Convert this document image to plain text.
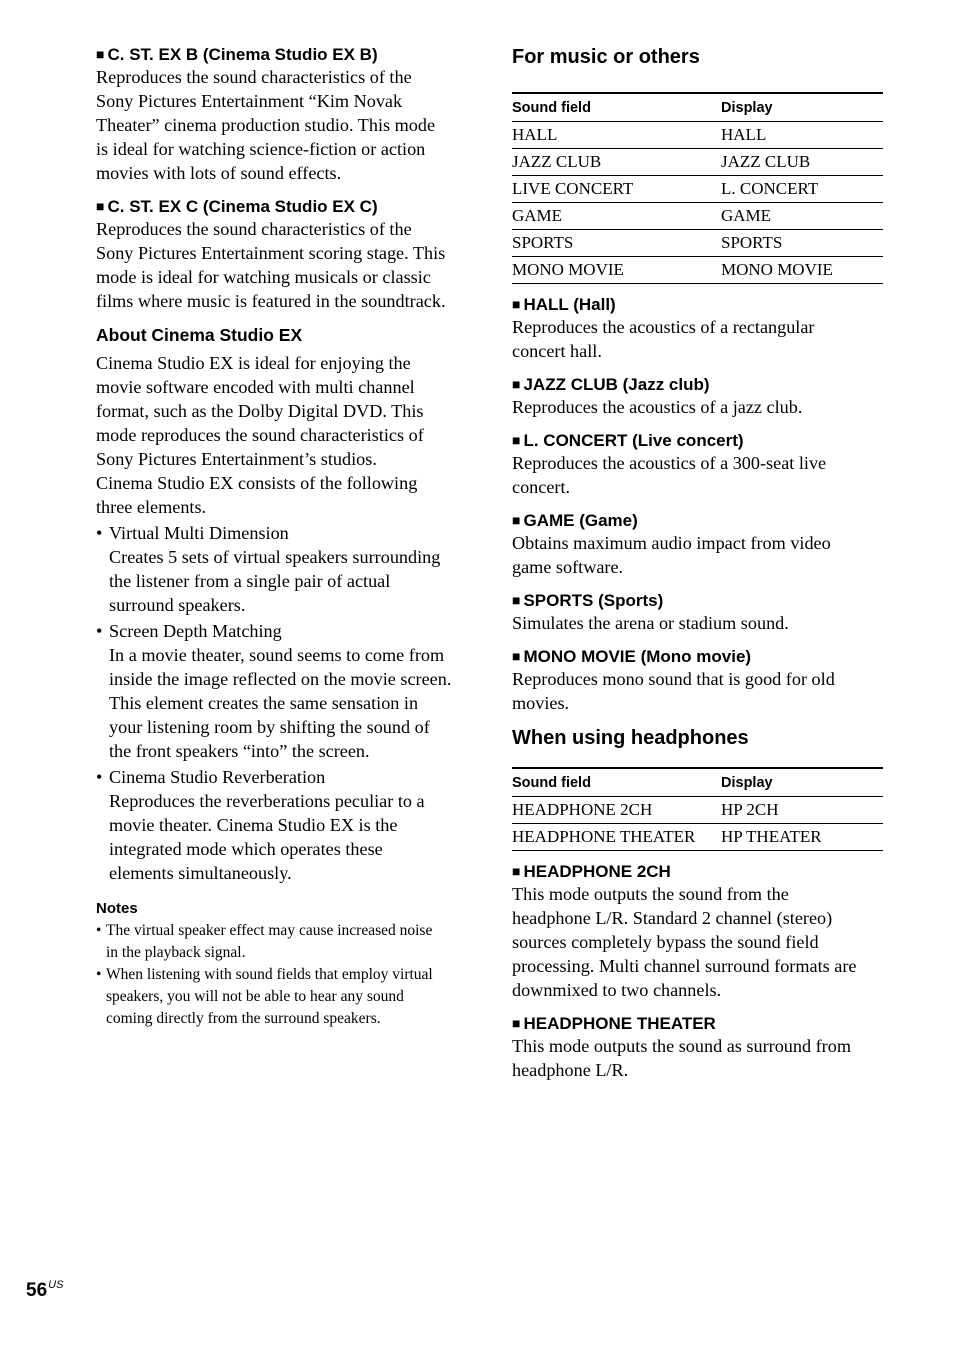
■ C. ST. EX B (Cinema Studio EX B)

Reproduces the sound characteristics of the
Sony Pictures Entertainment “Kim Novak
Theater” cinema production studio. This mode
is ideal for watching science-fiction or action
movies with lots of sound effects.

■ C. ST. EX C (Cinema Studio EX C)

Reproduces the sound characteristics of the
Sony Pictures Entertainment scoring stage. This
mode is ideal for watching musicals or classic
films where music is featured in the soundtrack.

About Cinema Studio EX

Cinema Studio EX is ideal for enjoying the
movie software encoded with multi channel
format, such as the Dolby Digital DVD. This
mode reproduces the sound characteristics of
Sony Pictures Entertainment’s studios.
Cinema Studio EX consists of the following
three elements.

• Virtual Multi Dimension
Creates 5 sets of virtual speakers surrounding
the listener from a single pair of actual
surround speakers.
• Screen Depth Matching
In a movie theater, sound seems to come from
inside the image reflected on the movie screen.
This element creates the same sensation in
your listening room by shifting the sound of
the front speakers “into” the screen.
• Cinema Studio Reverberation
Reproduces the reverberations peculiar to a
movie theater. Cinema Studio EX is the
integrated mode which operates these
elements simultaneously.

Notes

• The virtual speaker effect may cause increased noise
in the playback signal.
• When listening with sound fields that employ virtual
speakers, you will not be able to hear any sound
coming directly from the surround speakers.

For music or others

Sound field	Display
HALL	HALL
JAZZ CLUB	JAZZ CLUB
LIVE CONCERT	L. CONCERT
GAME	GAME
SPORTS	SPORTS
MONO MOVIE	MONO MOVIE

■ HALL (Hall)

Reproduces the acoustics of a rectangular
concert hall.

■ JAZZ CLUB (Jazz club)

Reproduces the acoustics of a jazz club.

■ L. CONCERT (Live concert)

Reproduces the acoustics of a 300-seat live
concert.

■ GAME (Game)

Obtains maximum audio impact from video
game software.

■ SPORTS (Sports)

Simulates the arena or stadium sound.

■ MONO MOVIE (Mono movie)

Reproduces mono sound that is good for old
movies.

When using headphones

Sound field	Display
HEADPHONE 2CH	HP 2CH
HEADPHONE THEATER	HP THEATER

■ HEADPHONE 2CH

This mode outputs the sound from the
headphone L/R. Standard 2 channel (stereo)
sources completely bypass the sound field
processing. Multi channel surround formats are
downmixed to two channels.

■ HEADPHONE THEATER

This mode outputs the sound as surround from
headphone L/R.

$56^{US}$
